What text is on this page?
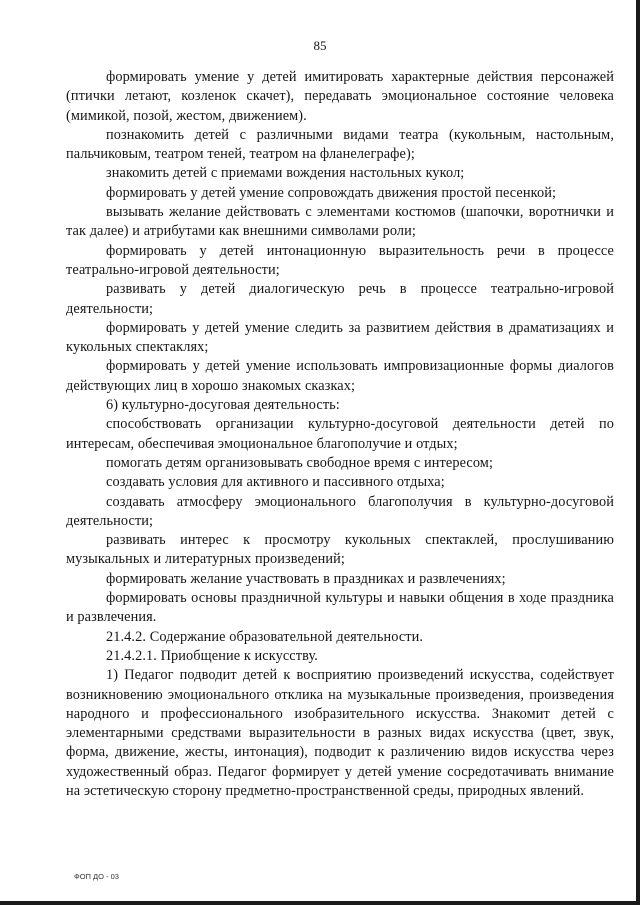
85

формировать умение у детей имитировать характерные действия персонажей (птички летают, козленок скачет), передавать эмоциональное состояние человека (мимикой, позой, жестом, движением).

познакомить детей с различными видами театра (кукольным, настольным, пальчиковым, театром теней, театром на фланелеграфе);

знакомить детей с приемами вождения настольных кукол;

формировать у детей умение сопровождать движения простой песенкой;

вызывать желание действовать с элементами костюмов (шапочки, воротнички и так далее) и атрибутами как внешними символами роли;

формировать у детей интонационную выразительность речи в процессе театрально-игровой деятельности;

развивать у детей диалогическую речь в процессе театрально-игровой деятельности;

формировать у детей умение следить за развитием действия в драматизациях и кукольных спектаклях;

формировать у детей умение использовать импровизационные формы диалогов действующих лиц в хорошо знакомых сказках;

6) культурно-досуговая деятельность:

способствовать организации культурно-досуговой деятельности детей по интересам, обеспечивая эмоциональное благополучие и отдых;

помогать детям организовывать свободное время с интересом;

создавать условия для активного и пассивного отдыха;

создавать атмосферу эмоционального благополучия в культурно-досуговой деятельности;

развивать интерес к просмотру кукольных спектаклей, прослушиванию музыкальных и литературных произведений;

формировать желание участвовать в праздниках и развлечениях;

формировать основы праздничной культуры и навыки общения в ходе праздника и развлечения.

21.4.2. Содержание образовательной деятельности.

21.4.2.1. Приобщение к искусству.

1) Педагог подводит детей к восприятию произведений искусства, содействует возникновению эмоционального отклика на музыкальные произведения, произведения народного и профессионального изобразительного искусства. Знакомит детей с элементарными средствами выразительности в разных видах искусства (цвет, звук, форма, движение, жесты, интонация), подводит к различению видов искусства через художественный образ. Педагог формирует у детей умение сосредотачивать внимание на эстетическую сторону предметно-пространственной среды, природных явлений.

ФОП ДО - 03
